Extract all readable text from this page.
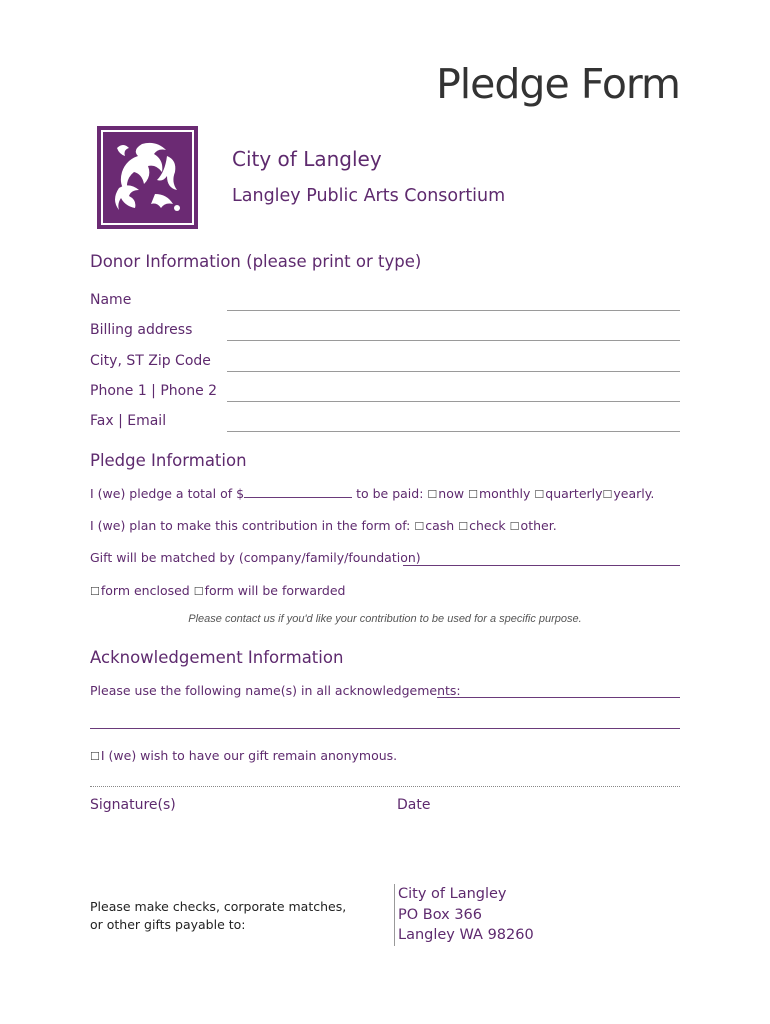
Pledge Form
City of Langley
Langley Public Arts Consortium
Donor Information (please print or type)
Name
Billing address
City, ST Zip Code
Phone 1 | Phone 2
Fax | Email
Pledge Information
I (we) pledge a total of $	to be paid: ☐now ☐monthly ☐quarterly☐yearly.
I (we) plan to make this contribution in the form of: ☐cash ☐check ☐other.
Gift will be matched by (company/family/foundation)
☐form enclosed ☐form will be forwarded
Please contact us if you'd like your contribution to be used for a specific purpose.
Acknowledgement Information
Please use the following name(s) in all acknowledgements:
☐I (we) wish to have our gift remain anonymous.
Signature(s)	Date
Please make checks, corporate matches,
or other gifts payable to:
City of Langley
PO Box 366
Langley WA 98260
